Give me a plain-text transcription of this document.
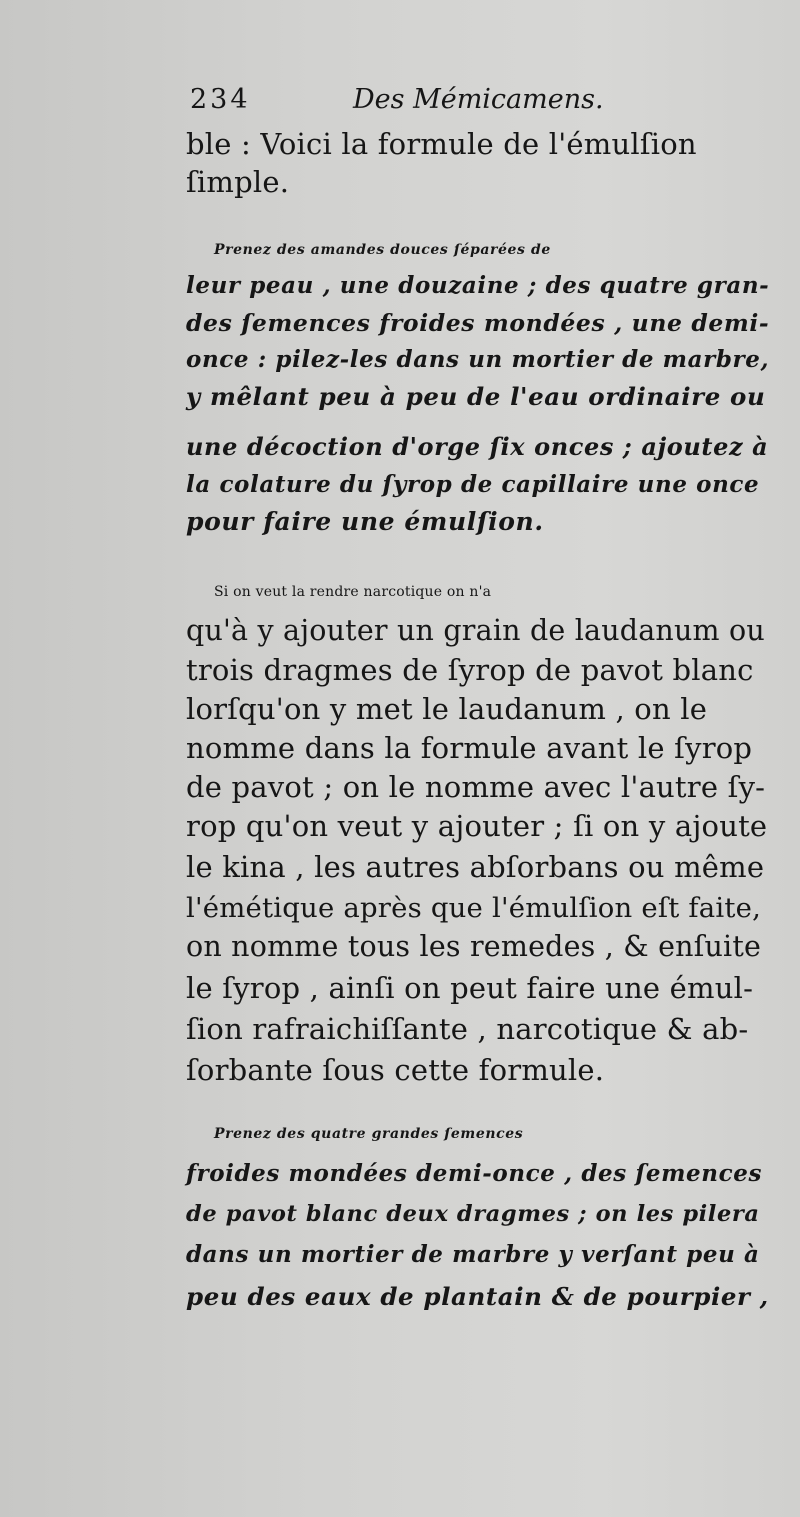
234	Des Mémicamens.
ble : Voici la formule de l'émulſion
ſimple.
Prenez des amandes douces ſéparées de
leur peau , une douzaine ; des quatre gran-
des ſemences froides mondées , une demi-
once : pilez-les dans un mortier de marbre,
y mêlant peu à peu de l'eau ordinaire ou
une décoction d'orge ſix onces ; ajoutez à
la colature du ſyrop de capillaire une once
pour faire une émulſion.
Si on veut la rendre narcotique on n'a
qu'à y ajouter un grain de laudanum ou
trois dragmes de ſyrop de pavot blanc
lorſqu'on y met le laudanum , on le
nomme dans la formule avant le ſyrop
de pavot ; on le nomme avec l'autre ſy-
rop qu'on veut y ajouter ; ſi on y ajoute
le kina , les autres abſorbans ou même
l'émétique après que l'émulſion eſt faite,
on nomme tous les remedes , & enſuite
le ſyrop , ainſi on peut faire une émul-
ſion rafraichiſſante , narcotique & ab-
ſorbante ſous cette formule.
Prenez des quatre grandes ſemences
froides mondées demi-once , des ſemences
de pavot blanc deux dragmes ; on les pilera
dans un mortier de marbre y verſant peu à
peu des eaux de plantain & de pourpier ,
